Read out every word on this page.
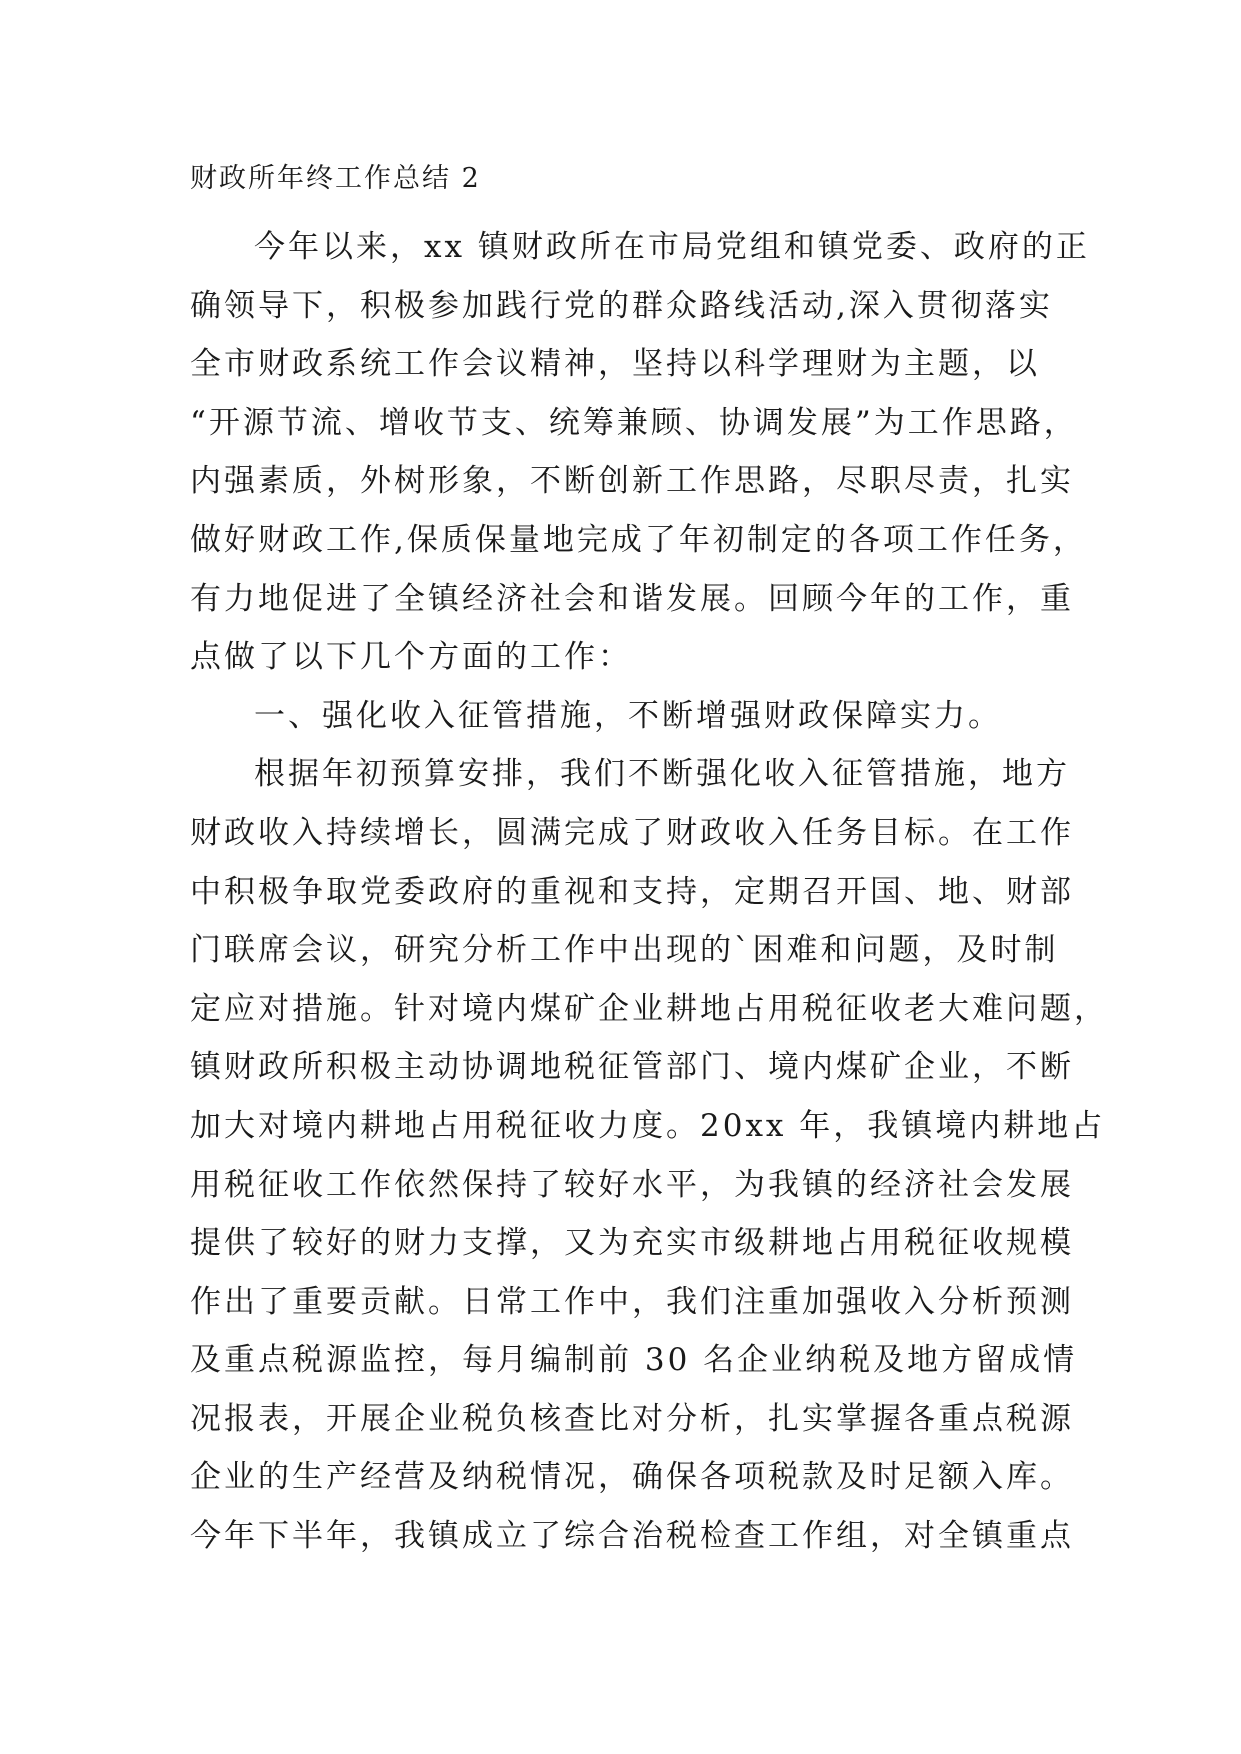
财政所年终工作总结 2
今年以来，xx 镇财政所在市局党组和镇党委、政府的正
确领导下，积极参加践行党的群众路线活动,深入贯彻落实
全市财政系统工作会议精神，坚持以科学理财为主题，以
“开源节流、增收节支、统筹兼顾、协调发展”为工作思路，
内强素质，外树形象，不断创新工作思路，尽职尽责，扎实
做好财政工作,保质保量地完成了年初制定的各项工作任务，
有力地促进了全镇经济社会和谐发展。回顾今年的工作，重
点做了以下几个方面的工作：
一、强化收入征管措施，不断增强财政保障实力。
根据年初预算安排，我们不断强化收入征管措施，地方
财政收入持续增长，圆满完成了财政收入任务目标。在工作
中积极争取党委政府的重视和支持，定期召开国、地、财部
门联席会议，研究分析工作中出现的`困难和问题，及时制
定应对措施。针对境内煤矿企业耕地占用税征收老大难问题，
镇财政所积极主动协调地税征管部门、境内煤矿企业，不断
加大对境内耕地占用税征收力度。20xx 年，我镇境内耕地占
用税征收工作依然保持了较好水平，为我镇的经济社会发展
提供了较好的财力支撑，又为充实市级耕地占用税征收规模
作出了重要贡献。日常工作中，我们注重加强收入分析预测
及重点税源监控，每月编制前 30 名企业纳税及地方留成情
况报表，开展企业税负核查比对分析，扎实掌握各重点税源
企业的生产经营及纳税情况，确保各项税款及时足额入库。
今年下半年，我镇成立了综合治税检查工作组，对全镇重点
